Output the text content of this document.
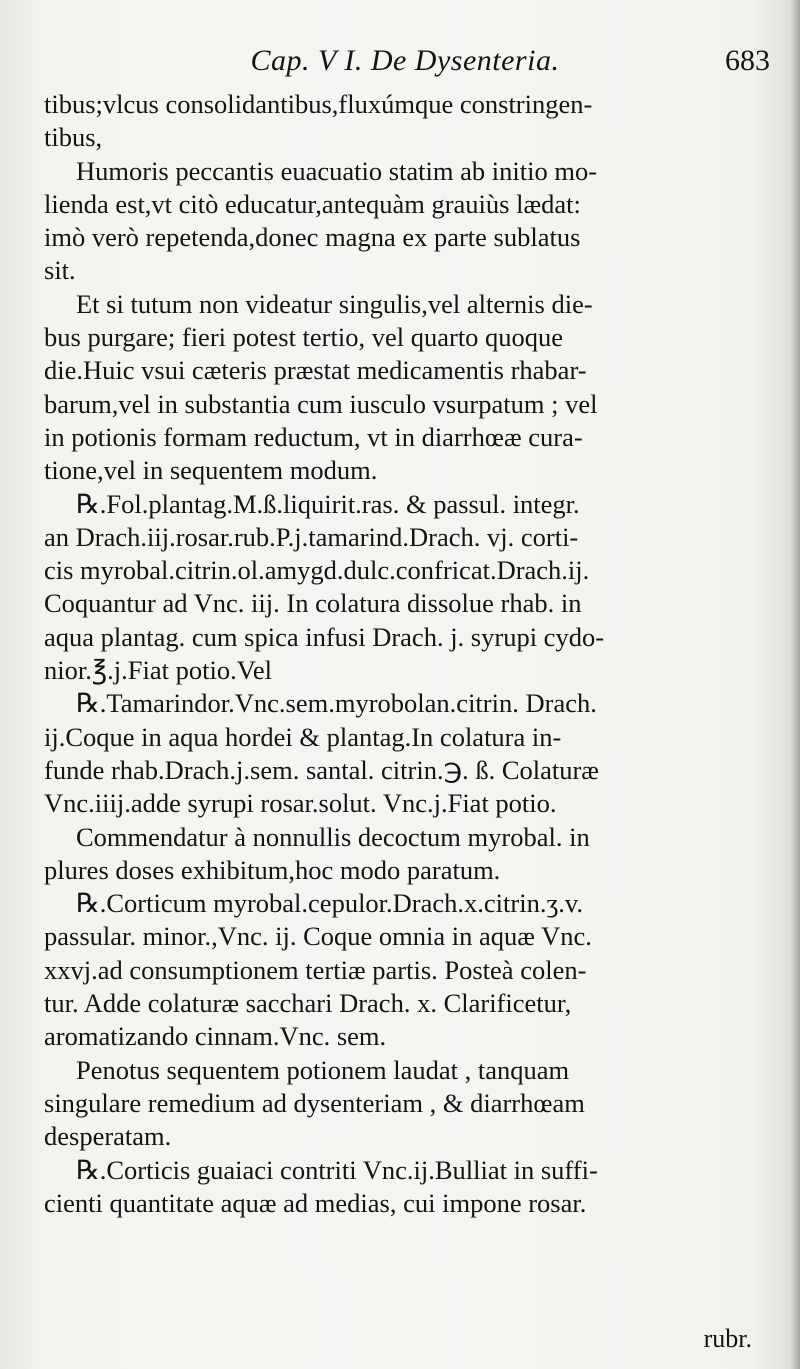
Cap. V I. De Dysenteria.	683
tibus;vlcus consolidantibus,fluxúmque constringen-
tibus,
Humoris peccantis euacuatio statim ab initio mo-
lienda est,vt citò educatur,antequàm grauiùs lædat:
imò verò repetenda,donec magna ex parte sublatus
sit.
Et si tutum non videatur singulis,vel alternis die-
bus purgare; fieri potest tertio, vel quarto quoque
die.Huic vsui cæteris præstat medicamentis rhabar-
barum,vel in substantia cum iusculo vsurpatum ; vel
in potionis formam reductum, vt in diarrhœæ cura-
tione,vel in sequentem modum.
℞.Fol.plantag.M.ß.liquirit.ras. & passul. integr.
an Drach.iij.rosar.rub.P.j.tamarind.Drach. vj. corti-
cis myrobal.citrin.ol.amygd.dulc.confricat.Drach.ij.
Coquantur ad Vnc. iij. In colatura dissolue rhab. in
aqua plantag. cum spica infusi Drach. j. syrupi cydo-
nior.℥.j.Fiat potio.Vel
℞.Tamarindor.Vnc.sem.myrobolan.citrin. Drach.
ij.Coque in aqua hordei & plantag.In colatura in-
funde rhab.Drach.j.sem. santal. citrin.℈. ß. Colaturæ
Vnc.iiij.adde syrupi rosar.solut. Vnc.j.Fiat potio.
Commendatur à nonnullis decoctum myrobal. in
plures doses exhibitum,hoc modo paratum.
℞.Corticum myrobal.cepulor.Drach.x.citrin.ʒ.v.
passular. minor.,Vnc. ij. Coque omnia in aquæ Vnc.
xxvj.ad consumptionem tertiæ partis. Posteà colen-
tur. Adde colaturæ sacchari Drach. x. Clarificetur,
aromatizando cinnam.Vnc. sem.
Penotus sequentem potionem laudat , tanquam
singulare remedium ad dysenteriam , & diarrhœam
desperatam.
℞.Corticis guaiaci contriti Vnc.ij.Bulliat in suffi-
cienti quantitate aquæ ad medias, cui impone rosar.
rubr.
